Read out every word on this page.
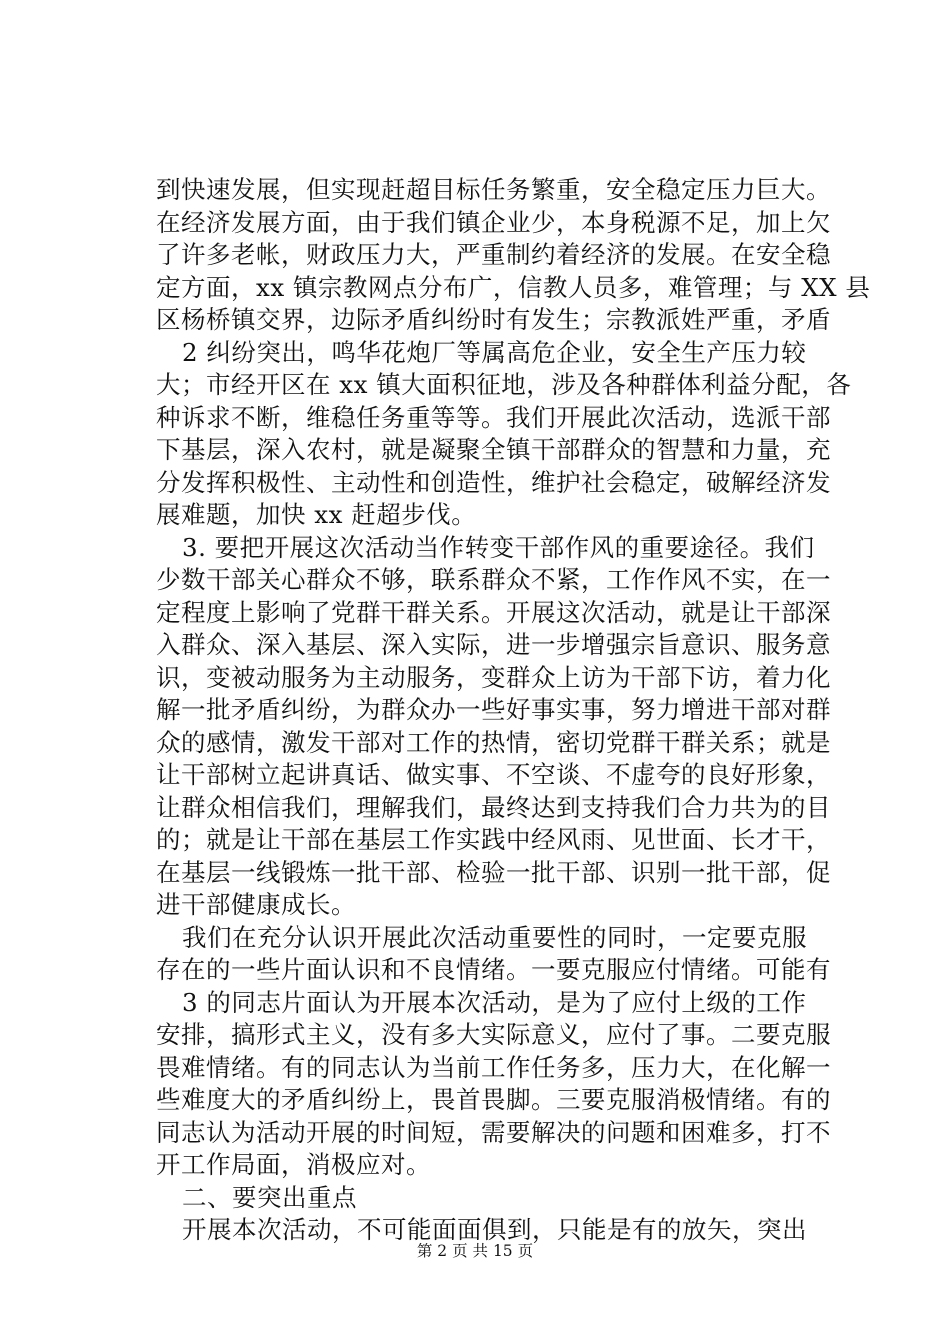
到快速发展，但实现赶超目标任务繁重，安全稳定压力巨大。
在经济发展方面，由于我们镇企业少，本身税源不足，加上欠
了许多老帐，财政压力大，严重制约着经济的发展。在安全稳
定方面，xx 镇宗教网点分布广，信教人员多，难管理；与 XX 县
区杨桥镇交界，边际矛盾纠纷时有发生；宗教派姓严重，矛盾
2 纠纷突出，鸣华花炮厂等属高危企业，安全生产压力较
大；市经开区在 xx 镇大面积征地，涉及各种群体利益分配，各
种诉求不断，维稳任务重等等。我们开展此次活动，选派干部
下基层，深入农村，就是凝聚全镇干部群众的智慧和力量，充
分发挥积极性、主动性和创造性，维护社会稳定，破解经济发
展难题，加快 xx 赶超步伐。
3. 要把开展这次活动当作转变干部作风的重要途径。我们
少数干部关心群众不够，联系群众不紧，工作作风不实，在一
定程度上影响了党群干群关系。开展这次活动，就是让干部深
入群众、深入基层、深入实际，进一步增强宗旨意识、服务意
识，变被动服务为主动服务，变群众上访为干部下访，着力化
解一批矛盾纠纷，为群众办一些好事实事，努力增进干部对群
众的感情，激发干部对工作的热情，密切党群干群关系；就是
让干部树立起讲真话、做实事、不空谈、不虚夸的良好形象，
让群众相信我们，理解我们，最终达到支持我们合力共为的目
的；就是让干部在基层工作实践中经风雨、见世面、长才干，
在基层一线锻炼一批干部、检验一批干部、识别一批干部，促
进干部健康成长。
我们在充分认识开展此次活动重要性的同时，一定要克服
存在的一些片面认识和不良情绪。一要克服应付情绪。可能有
3 的同志片面认为开展本次活动，是为了应付上级的工作
安排，搞形式主义，没有多大实际意义，应付了事。二要克服
畏难情绪。有的同志认为当前工作任务多，压力大，在化解一
些难度大的矛盾纠纷上，畏首畏脚。三要克服消极情绪。有的
同志认为活动开展的时间短，需要解决的问题和困难多，打不
开工作局面，消极应对。
二、要突出重点
开展本次活动，不可能面面俱到，只能是有的放矢，突出
第 2 页 共 15 页
